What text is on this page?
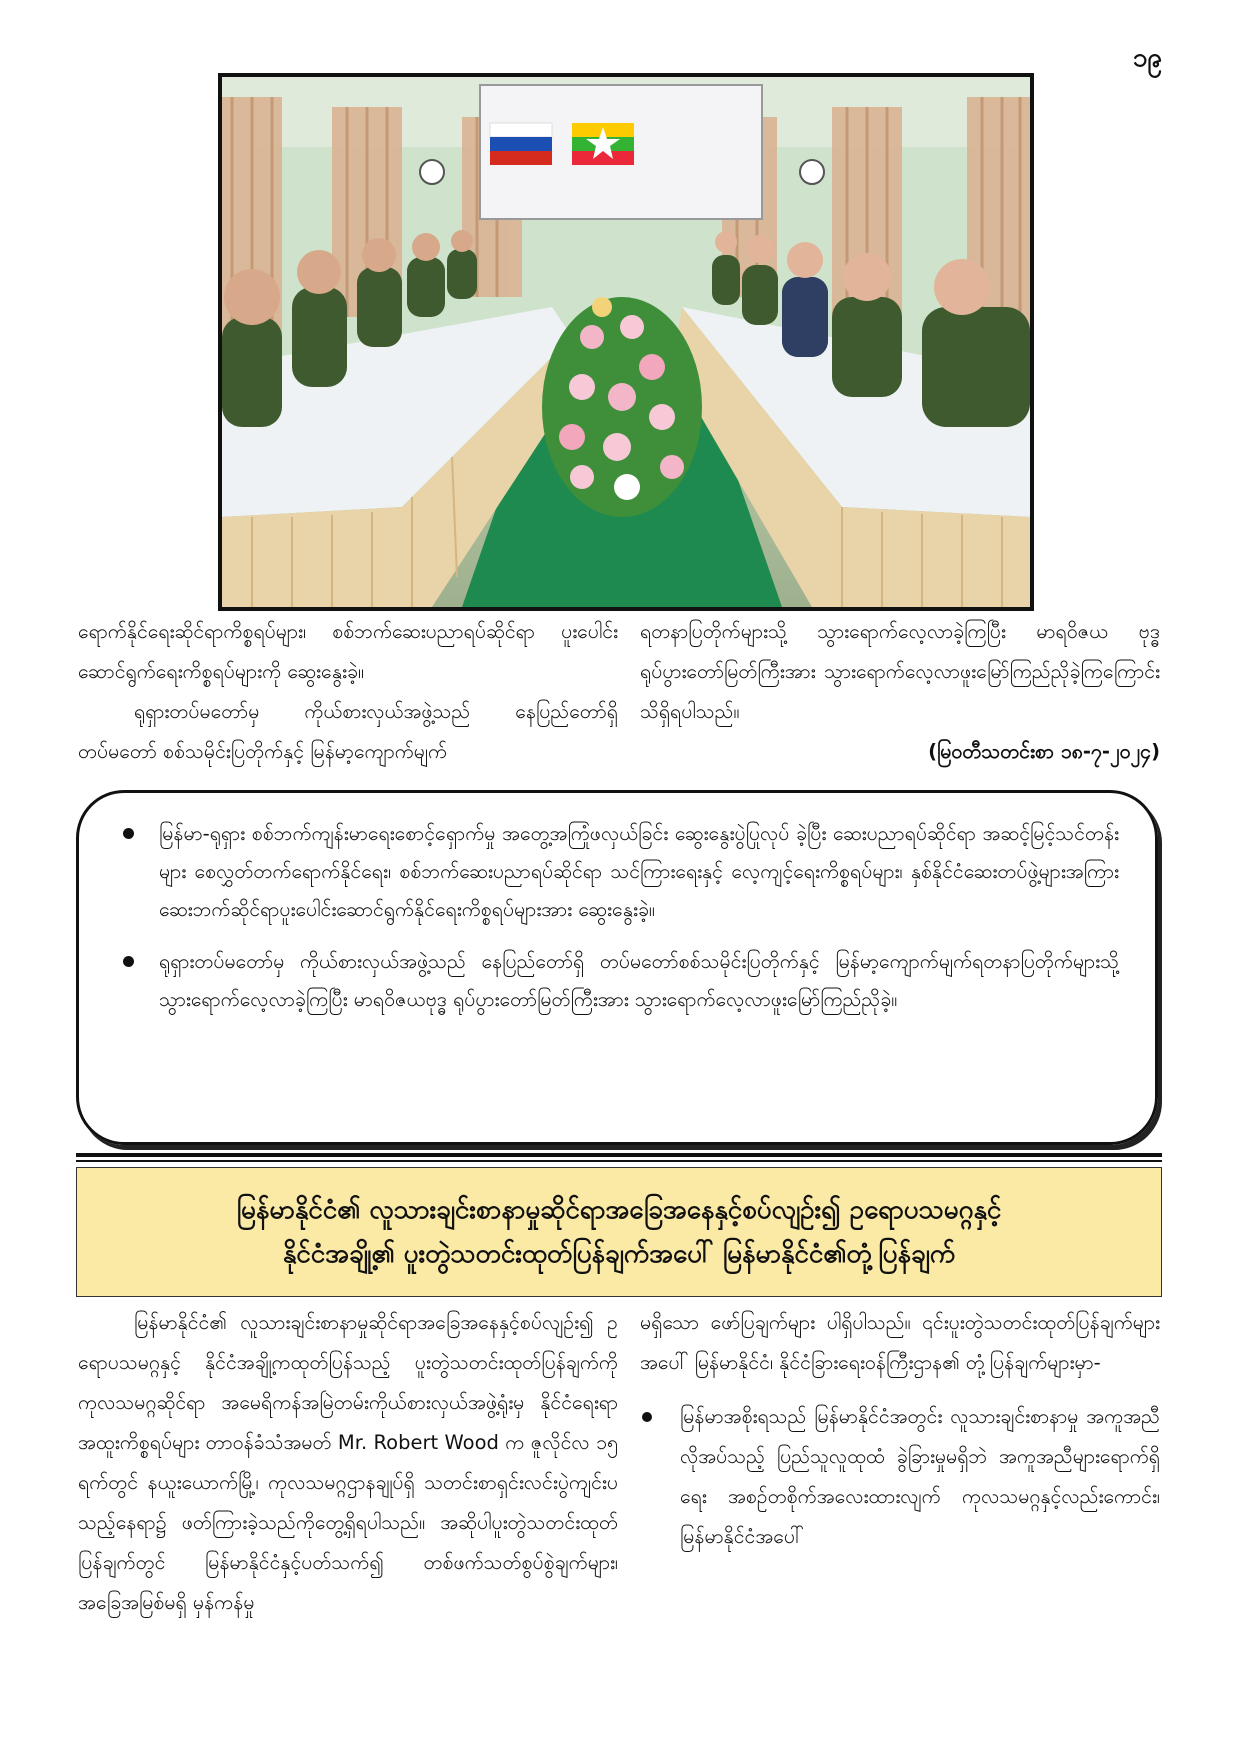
၁၉

ရောက်နိုင်ရေးဆိုင်ရာကိစ္စရပ်များ၊ စစ်ဘက်ဆေးပညာရပ်ဆိုင်ရာ ပူးပေါင်းဆောင်ရွက်ရေးကိစ္စရပ်များကို ဆွေးနွေးခဲ့။

ရုရှားတပ်မတော်မှ ကိုယ်စားလှယ်အဖွဲ့သည် နေပြည်တော်ရှိ တပ်မတော် စစ်သမိုင်းပြတိုက်နှင့် မြန်မာ့ကျောက်မျက်

ရတနာပြတိုက်များသို့ သွားရောက်လေ့လာခဲ့ကြပြီး မာရဝိဇယ ဗုဒ္ဓရုပ်ပွားတော်မြတ်ကြီးအား သွားရောက်လေ့လာဖူးမြော်ကြည်ညိုခဲ့ကြကြောင်း သိရှိရပါသည်။

(မြဝတီသတင်းစာ ၁၈-၇-၂၀၂၄)

မြန်မာ-ရုရှား စစ်ဘက်ကျန်းမာရေးစောင့်ရှောက်မှု အတွေ့အကြုံဖလှယ်ခြင်း ဆွေးနွေးပွဲပြုလုပ် ခဲ့ပြီး ဆေးပညာရပ်ဆိုင်ရာ အဆင့်မြင့်သင်တန်းများ စေလွှတ်တက်ရောက်နိုင်ရေး၊ စစ်ဘက်ဆေးပညာရပ်ဆိုင်ရာ သင်ကြားရေးနှင့် လေ့ကျင့်ရေးကိစ္စရပ်များ၊ နှစ်နိုင်ငံဆေးတပ်ဖွဲ့များအကြား ဆေးဘက်ဆိုင်ရာပူးပေါင်းဆောင်ရွက်နိုင်ရေးကိစ္စရပ်များအား ဆွေးနွေးခဲ့။
ရုရှားတပ်မတော်မှ ကိုယ်စားလှယ်အဖွဲ့သည် နေပြည်တော်ရှိ တပ်မတော်စစ်သမိုင်းပြတိုက်နှင့် မြန်မာ့ကျောက်မျက်ရတနာပြတိုက်များသို့ သွားရောက်လေ့လာခဲ့ကြပြီး မာရဝိဇယဗုဒ္ဓ ရုပ်ပွားတော်မြတ်ကြီးအား သွားရောက်လေ့လာဖူးမြော်ကြည်ညိုခဲ့။
မြန်မာနိုင်ငံ၏ လူသားချင်းစာနာမှုဆိုင်ရာအခြေအနေနှင့်စပ်လျဉ်း၍ ဥရောပသမဂ္ဂနှင့်
နိုင်ငံအချို့၏ ပူးတွဲသတင်းထုတ်ပြန်ချက်အပေါ် မြန်မာနိုင်ငံ၏တုံ့ပြန်ချက်

မြန်မာနိုင်ငံ၏ လူသားချင်းစာနာမှုဆိုင်ရာအခြေအနေနှင့်စပ်လျဉ်း၍ ဥရောပသမဂ္ဂနှင့် နိုင်ငံအချို့ကထုတ်ပြန်သည့် ပူးတွဲသတင်းထုတ်ပြန်ချက်ကို ကုလသမဂ္ဂဆိုင်ရာ အမေရိကန်အမြဲတမ်းကိုယ်စားလှယ်အဖွဲ့ရုံးမှ နိုင်ငံရေးရာအထူးကိစ္စရပ်များ တာဝန်ခံသံအမတ် Mr. Robert Wood က ဇူလိုင်လ ၁၅ ရက်တွင် နယူးယောက်မြို့၊ ကုလသမဂ္ဂဌာနချုပ်ရှိ သတင်းစာရှင်းလင်းပွဲကျင်းပသည့်နေရာ၌ ဖတ်ကြားခဲ့သည်ကိုတွေ့ရှိရပါသည်။ အဆိုပါပူးတွဲသတင်းထုတ်ပြန်ချက်တွင် မြန်မာနိုင်ငံနှင့်ပတ်သက်၍ တစ်ဖက်သတ်စွပ်စွဲချက်များ၊ အခြေအမြစ်မရှိ မှန်ကန်မှု

မရှိသော ဖော်ပြချက်များ ပါရှိပါသည်။ ၎င်းပူးတွဲသတင်းထုတ်ပြန်ချက်များအပေါ် မြန်မာနိုင်ငံ၊ နိုင်ငံခြားရေးဝန်ကြီးဌာန၏ တုံ့ပြန်ချက်များမှာ-

မြန်မာအစိုးရသည် မြန်မာနိုင်ငံအတွင်း လူသားချင်းစာနာမှု အကူအညီလိုအပ်သည့် ပြည်သူလူထုထံ ခွဲခြားမှုမရှိဘဲ အကူအညီများရောက်ရှိရေး အစဉ်တစိုက်အလေးထားလျက် ကုလသမဂ္ဂနှင့်လည်းကောင်း၊ မြန်မာနိုင်ငံအပေါ်
